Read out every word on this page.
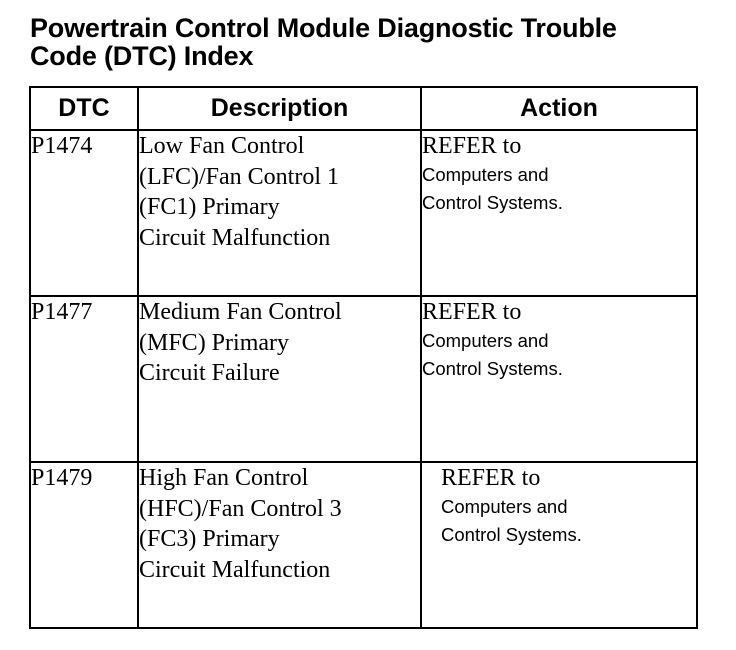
Powertrain Control Module Diagnostic Trouble
Code (DTC) Index
DTC	Description	Action
P1474	Low Fan Control
(LFC)/Fan Control 1
(FC1) Primary
Circuit Malfunction	REFER to
Computers and
Control Systems.

P1477	Medium Fan Control
(MFC) Primary
Circuit Failure	REFER to
Computers and
Control Systems.

P1479	High Fan Control
(HFC)/Fan Control 3
(FC3) Primary
Circuit Malfunction	REFER to
Computers and
Control Systems.
